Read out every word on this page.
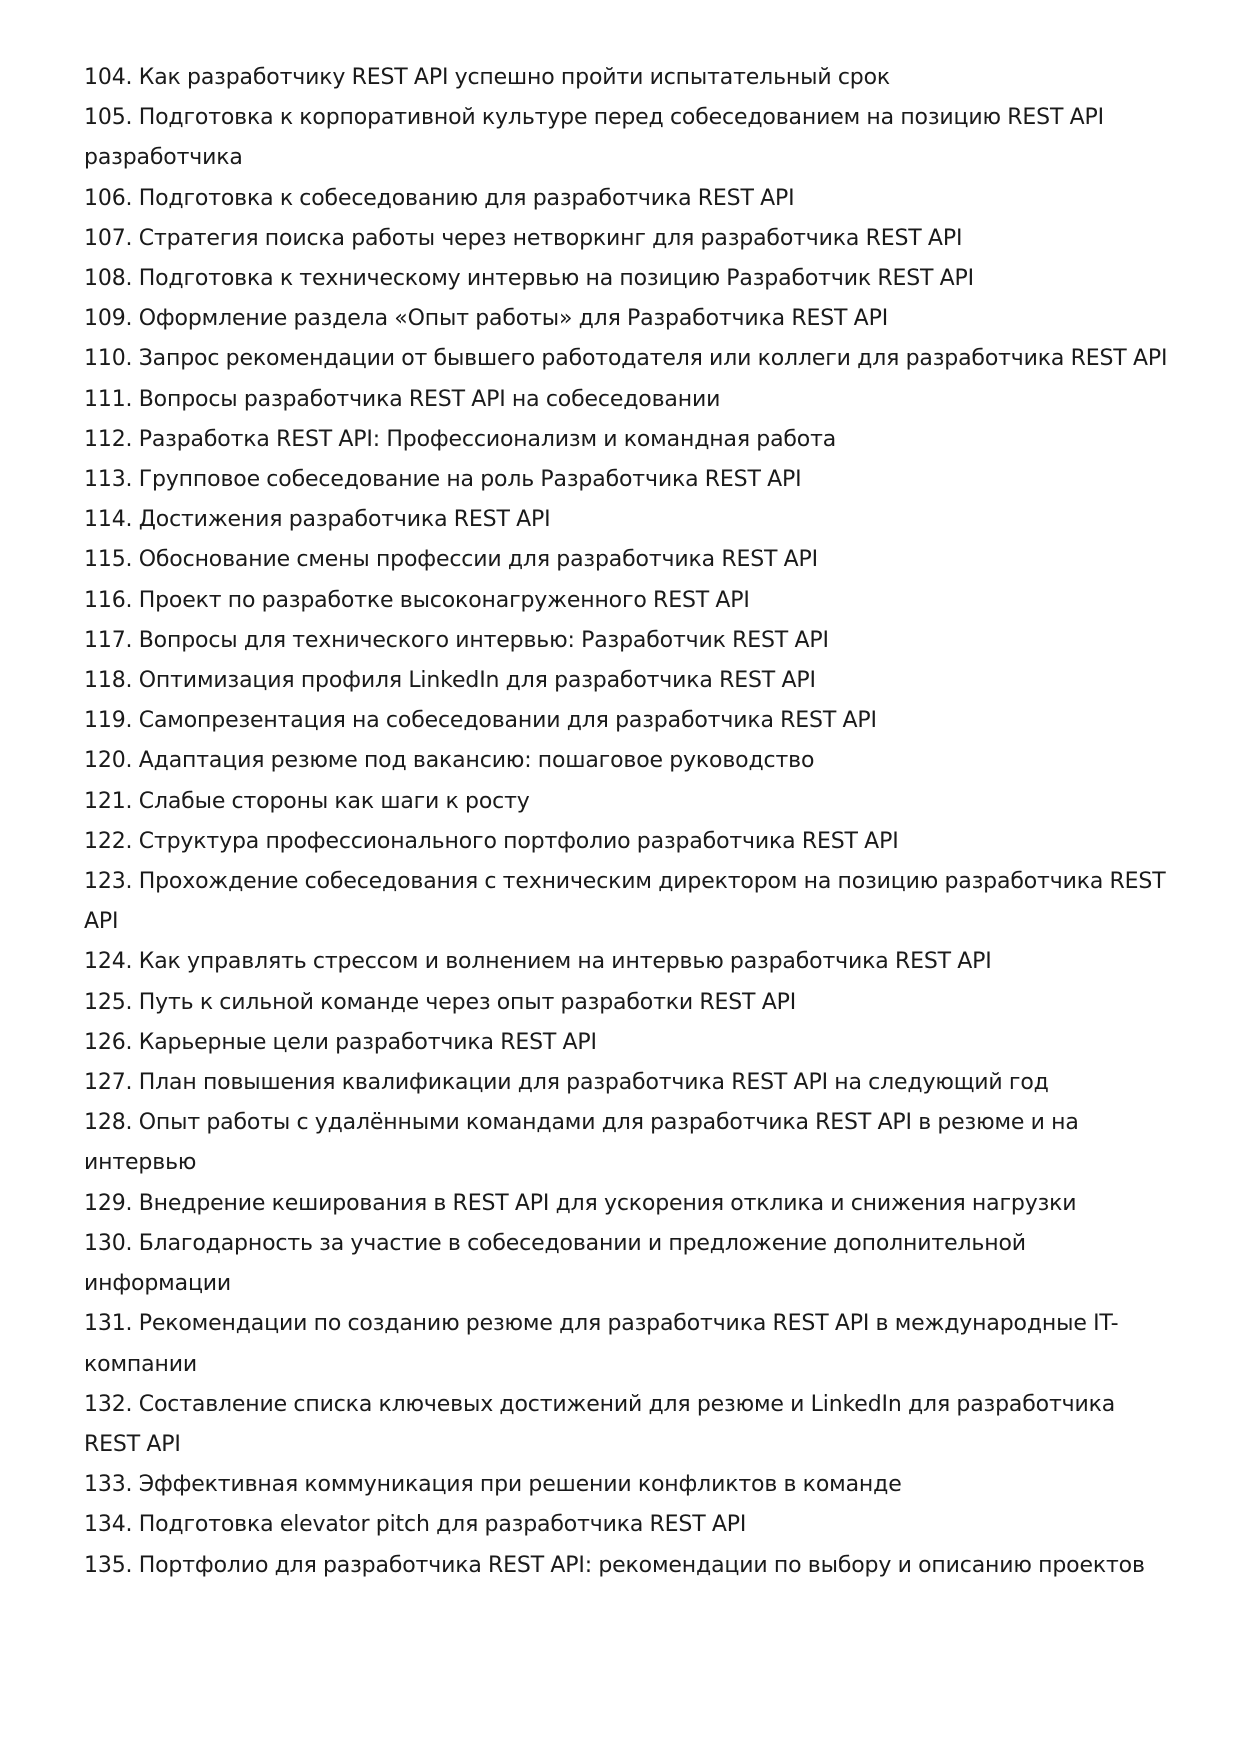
104. Как разработчику REST API успешно пройти испытательный срок
105. Подготовка к корпоративной культуре перед собеседованием на позицию REST API разработчика
106. Подготовка к собеседованию для разработчика REST API
107. Стратегия поиска работы через нетворкинг для разработчика REST API
108. Подготовка к техническому интервью на позицию Разработчик REST API
109. Оформление раздела «Опыт работы» для Разработчика REST API
110. Запрос рекомендации от бывшего работодателя или коллеги для разработчика REST API
111. Вопросы разработчика REST API на собеседовании
112. Разработка REST API: Профессионализм и командная работа
113. Групповое собеседование на роль Разработчика REST API
114. Достижения разработчика REST API
115. Обоснование смены профессии для разработчика REST API
116. Проект по разработке высоконагруженного REST API
117. Вопросы для технического интервью: Разработчик REST API
118. Оптимизация профиля LinkedIn для разработчика REST API
119. Самопрезентация на собеседовании для разработчика REST API
120. Адаптация резюме под вакансию: пошаговое руководство
121. Слабые стороны как шаги к росту
122. Структура профессионального портфолио разработчика REST API
123. Прохождение собеседования с техническим директором на позицию разработчика REST API
124. Как управлять стрессом и волнением на интервью разработчика REST API
125. Путь к сильной команде через опыт разработки REST API
126. Карьерные цели разработчика REST API
127. План повышения квалификации для разработчика REST API на следующий год
128. Опыт работы с удалёнными командами для разработчика REST API в резюме и на интервью
129. Внедрение кеширования в REST API для ускорения отклика и снижения нагрузки
130. Благодарность за участие в собеседовании и предложение дополнительной информации
131. Рекомендации по созданию резюме для разработчика REST API в международные IT-компании
132. Составление списка ключевых достижений для резюме и LinkedIn для разработчика REST API
133. Эффективная коммуникация при решении конфликтов в команде
134. Подготовка elevator pitch для разработчика REST API
135. Портфолио для разработчика REST API: рекомендации по выбору и описанию проектов
